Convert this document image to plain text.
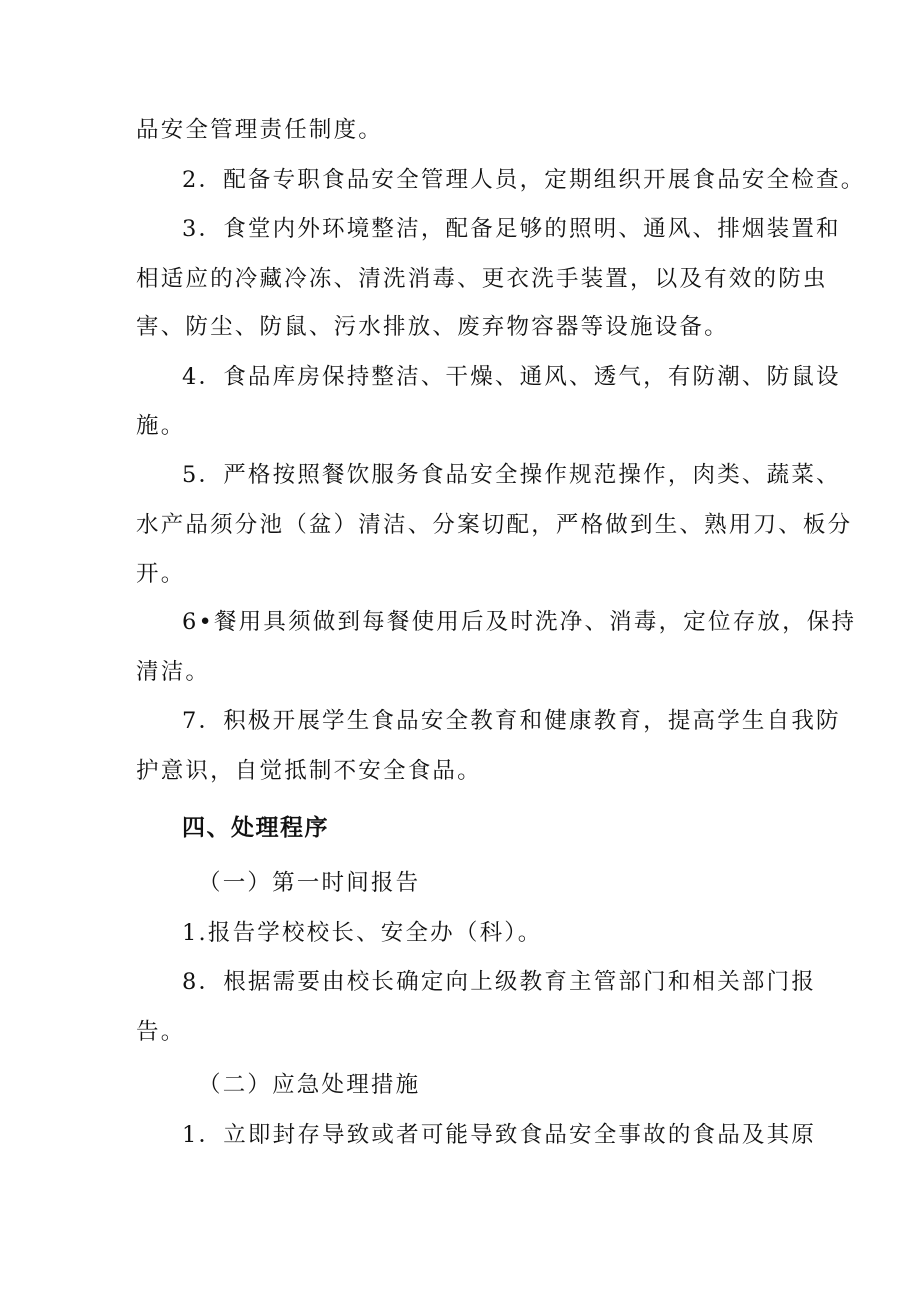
品安全管理责任制度。
2．配备专职食品安全管理人员，定期组织开展食品安全检查。
3．食堂内外环境整洁，配备足够的照明、通风、排烟装置和
相适应的冷藏冷冻、清洗消毒、更衣洗手装置，以及有效的防虫
害、防尘、防鼠、污水排放、废弃物容器等设施设备。
4．食品库房保持整洁、干燥、通风、透气，有防潮、防鼠设
施。
5．严格按照餐饮服务食品安全操作规范操作，肉类、蔬菜、
水产品须分池（盆）清洁、分案切配，严格做到生、熟用刀、板分
开。
6•餐用具须做到每餐使用后及时洗净、消毒，定位存放，保持
清洁。
7．积极开展学生食品安全教育和健康教育，提高学生自我防
护意识，自觉抵制不安全食品。
四、处理程序
（一）第一时间报告
1.报告学校校长、安全办（科）。
8．根据需要由校长确定向上级教育主管部门和相关部门报
告。
（二）应急处理措施
1．立即封存导致或者可能导致食品安全事故的食品及其原
